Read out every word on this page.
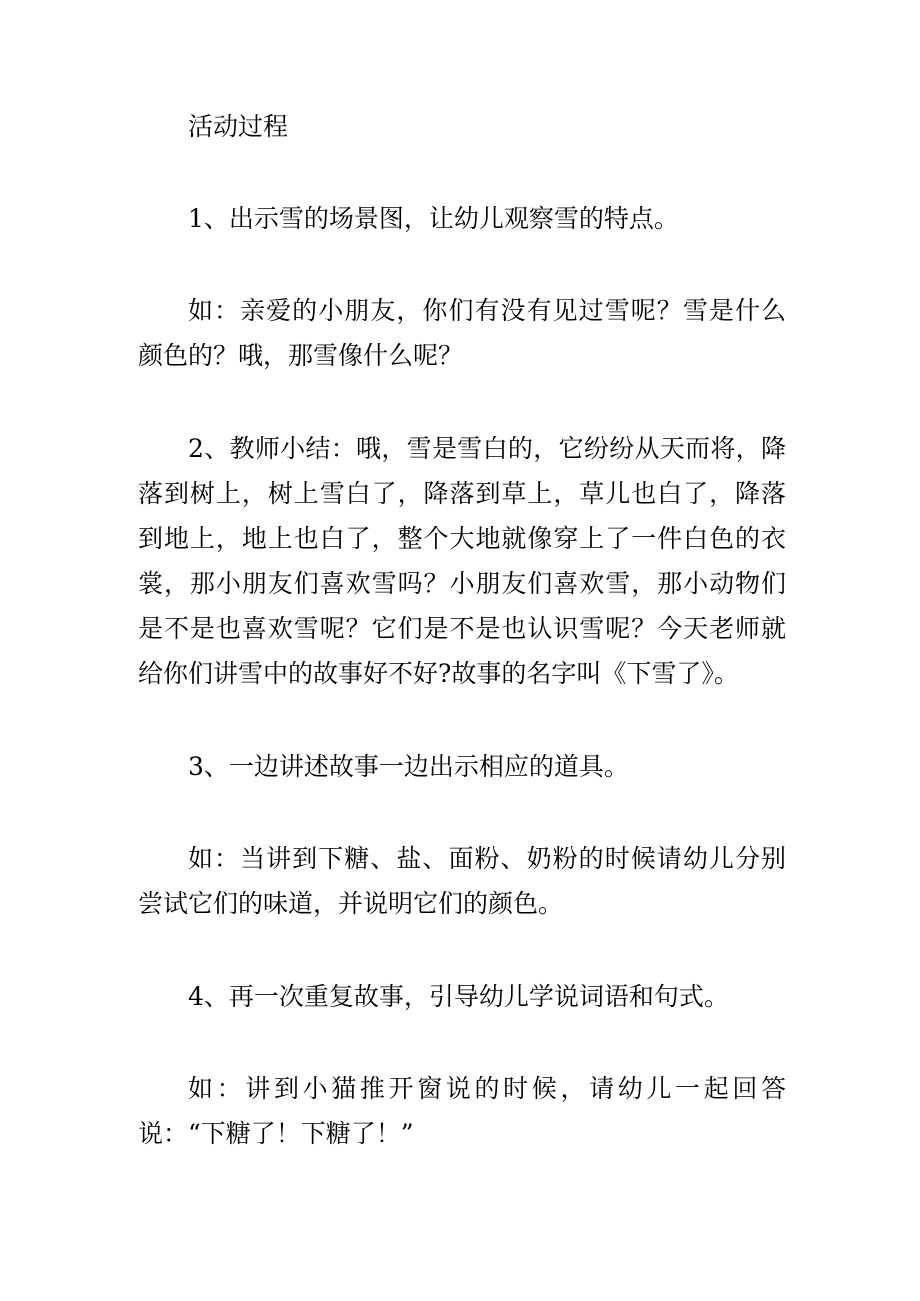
活动过程

1、出示雪的场景图，让幼儿观察雪的特点。

如：亲爱的小朋友，你们有没有见过雪呢？雪是什么颜色的？哦，那雪像什么呢？

2、教师小结：哦，雪是雪白的，它纷纷从天而将，降落到树上，树上雪白了，降落到草上，草儿也白了，降落到地上，地上也白了，整个大地就像穿上了一件白色的衣裳，那小朋友们喜欢雪吗？小朋友们喜欢雪，那小动物们是不是也喜欢雪呢？它们是不是也认识雪呢？今天老师就给你们讲雪中的故事好不好?故事的名字叫《下雪了》。

3、一边讲述故事一边出示相应的道具。

如：当讲到下糖、盐、面粉、奶粉的时候请幼儿分别尝试它们的味道，并说明它们的颜色。

4、再一次重复故事，引导幼儿学说词语和句式。

如：讲到小猫推开窗说的时候，请幼儿一起回答说：“下糖了！下糖了！”
